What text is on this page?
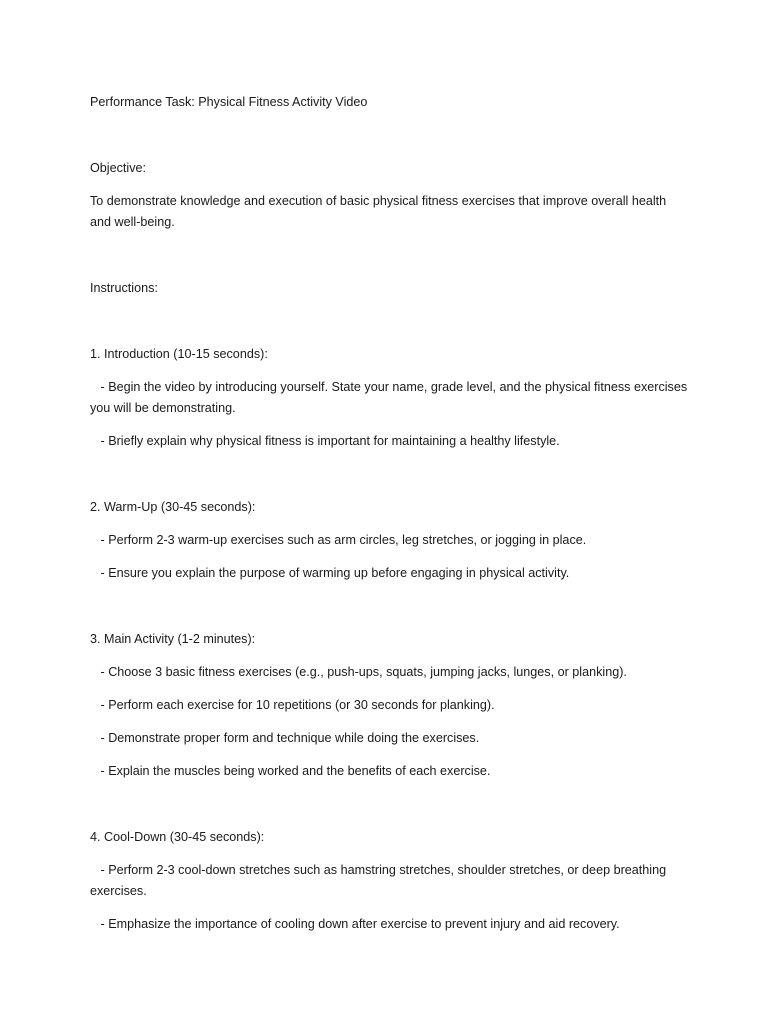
Performance Task: Physical Fitness Activity Video

Objective:

To demonstrate knowledge and execution of basic physical fitness exercises that improve overall health and well-being.

Instructions:

1. Introduction (10-15 seconds):

- Begin the video by introducing yourself. State your name, grade level, and the physical fitness exercises you will be demonstrating.

- Briefly explain why physical fitness is important for maintaining a healthy lifestyle.

2. Warm-Up (30-45 seconds):

- Perform 2-3 warm-up exercises such as arm circles, leg stretches, or jogging in place.

- Ensure you explain the purpose of warming up before engaging in physical activity.

3. Main Activity (1-2 minutes):

- Choose 3 basic fitness exercises (e.g., push-ups, squats, jumping jacks, lunges, or planking).

- Perform each exercise for 10 repetitions (or 30 seconds for planking).

- Demonstrate proper form and technique while doing the exercises.

- Explain the muscles being worked and the benefits of each exercise.

4. Cool-Down (30-45 seconds):

- Perform 2-3 cool-down stretches such as hamstring stretches, shoulder stretches, or deep breathing exercises.

- Emphasize the importance of cooling down after exercise to prevent injury and aid recovery.
